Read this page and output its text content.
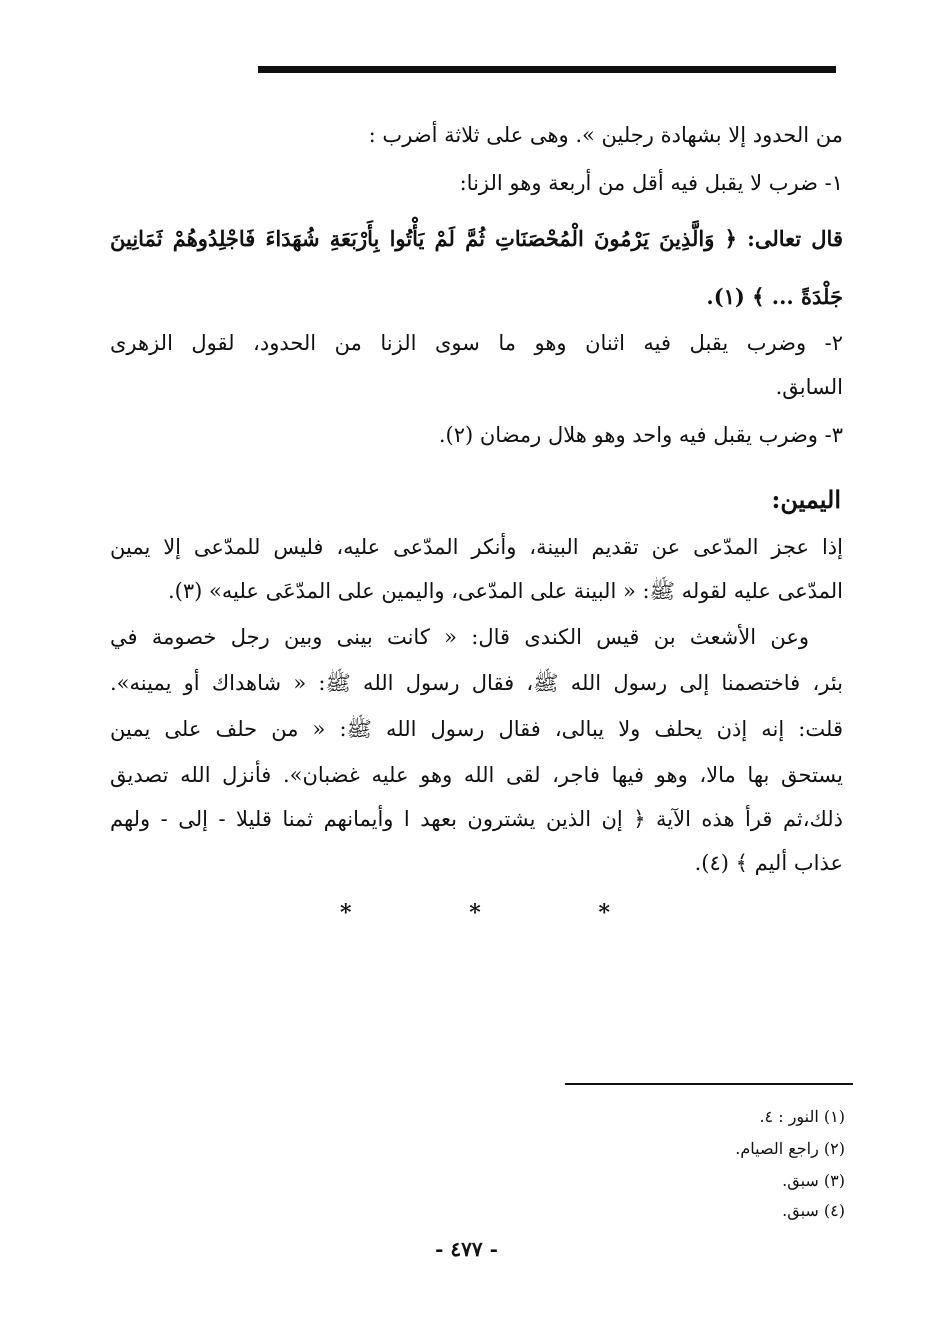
من الحدود إلا بشهادة رجلين ». وهى على ثلاثة أضرب :
١- ضرب لا يقبل فيه أقل من أربعة وهو الزنا:
قال تعالى: ﴿ وَالَّذِينَ يَرْمُونَ الْمُحْصَنَاتِ ثُمَّ لَمْ يَأْتُوا بِأَرْبَعَةِ شُهَدَاءَ فَاجْلِدُوهُمْ ثَمَانِينَ
جَلْدَةً ... ﴾ (١).
٢- وضرب يقبل فيه اثنان وهو ما سوى الزنا من الحدود، لقول الزهرى
السابق.
٣- وضرب يقبل فيه واحد وهو هلال رمضان (٢).
اليمين:
إذا عجز المدّعى عن تقديم البينة، وأنكر المدّعى عليه، فليس للمدّعى إلا يمين
المدّعى عليه لقوله ﷺ: « البينة على المدّعى، واليمين على المدّعَى عليه» (٣).
وعن الأشعث بن قيس الكندى قال: « كانت بينى وبين رجل خصومة في
بئر، فاختصمنا إلى رسول الله ﷺ، فقال رسول الله ﷺ: « شاهداك أو يمينه».
قلت: إنه إذن يحلف ولا يبالى، فقال رسول الله ﷺ: « من حلف على يمين
يستحق بها مالا، وهو فيها فاجر، لقى الله وهو عليه غضبان». فأنزل الله تصديق
ذلك،ثم قرأ هذه الآية ﴿ إن الذين يشترون بعهد ا وأيمانهم ثمنا قليلا - إلى - ولهم
عذاب أليم ﴾ (٤).
*	*	*
(١) النور : ٤.
(٢) راجع الصيام.
(٣) سبق.
(٤) سبق.
- ٤٧٧ -
